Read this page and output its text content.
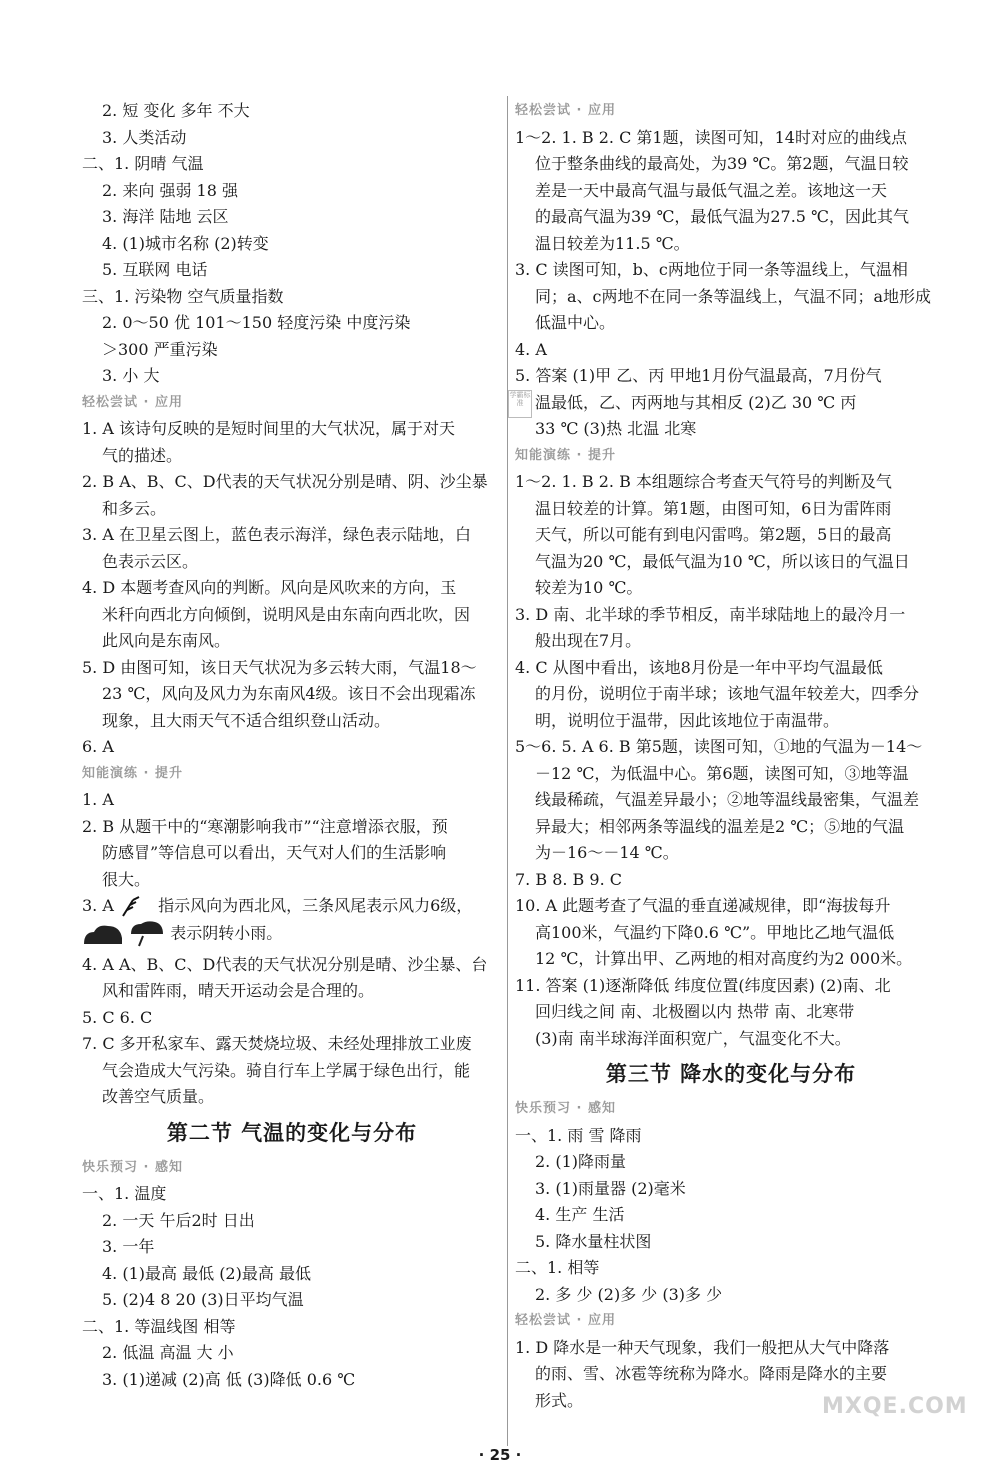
2. 短 变化 多年 不大
3. 人类活动
二、1. 阴晴 气温
2. 来向 强弱 18 强
3. 海洋 陆地 云区
4. (1)城市名称 (2)转变
5. 互联网 电话
三、1. 污染物 空气质量指数
2. 0～50 优 101～150 轻度污染 中度污染
＞300 严重污染
3. 小 大
轻松尝试 · 应用
1. A 该诗句反映的是短时间里的大气状况，属于对天
气的描述。
2. B A、B、C、D代表的天气状况分别是晴、阴、沙尘暴
和多云。
3. A 在卫星云图上，蓝色表示海洋，绿色表示陆地，白
色表示云区。
4. D 本题考查风向的判断。风向是风吹来的方向，玉
米秆向西北方向倾倒，说明风是由东南向西北吹，因
此风向是东南风。
5. D 由图可知，该日天气状况为多云转大雨，气温18～
23 ℃，风向及风力为东南风4级。该日不会出现霜冻
现象，且大雨天气不适合组织登山活动。
6. A
知能演练 · 提升
1. A
2. B 从题干中的“寒潮影响我市”“注意增添衣服，预
防感冒”等信息可以看出，天气对人们的生活影响
很大。
3. A	指示风向为西北风，三条风尾表示风力6级，
表示阴转小雨。
4. A A、B、C、D代表的天气状况分别是晴、沙尘暴、台
风和雷阵雨，晴天开运动会是合理的。
5. C 6. C
7. C 多开私家车、露天焚烧垃圾、未经处理排放工业废
气会造成大气污染。骑自行车上学属于绿色出行，能
改善空气质量。
第二节 气温的变化与分布
快乐预习 · 感知
一、1. 温度
2. 一天 午后2时 日出
3. 一年
4. (1)最高 最低 (2)最高 最低
5. (2)4 8 20 (3)日平均气温
二、1. 等温线图 相等
2. 低温 高温 大 小
3. (1)递减 (2)高 低 (3)降低 0.6 ℃
轻松尝试 · 应用
1～2. 1. B 2. C 第1题，读图可知，14时对应的曲线点
位于整条曲线的最高处，为39 ℃。第2题，气温日较
差是一天中最高气温与最低气温之差。该地这一天
的最高气温为39 ℃，最低气温为27.5 ℃，因此其气
温日较差为11.5 ℃。
3. C 读图可知，b、c两地位于同一条等温线上，气温相
同；a、c两地不在同一条等温线上，气温不同；a地形成
低温中心。
4. A
5. 答案 (1)甲 乙、丙 甲地1月份气温最高，7月份气
温最低，乙、丙两地与其相反 (2)乙 30 ℃ 丙
33 ℃ (3)热 北温 北寒
知能演练 · 提升
1～2. 1. B 2. B 本组题综合考查天气符号的判断及气
温日较差的计算。第1题，由图可知，6日为雷阵雨
天气，所以可能有到电闪雷鸣。第2题，5日的最高
气温为20 ℃，最低气温为10 ℃，所以该日的气温日
较差为10 ℃。
3. D 南、北半球的季节相反，南半球陆地上的最冷月一
般出现在7月。
4. C 从图中看出，该地8月份是一年中平均气温最低
的月份，说明位于南半球；该地气温年较差大，四季分
明，说明位于温带，因此该地位于南温带。
5～6. 5. A 6. B 第5题，读图可知，①地的气温为－14～
－12 ℃，为低温中心。第6题，读图可知，③地等温
线最稀疏，气温差异最小；②地等温线最密集，气温差
异最大；相邻两条等温线的温差是2 ℃；⑤地的气温
为－16～－14 ℃。
7. B 8. B 9. C
10. A 此题考查了气温的垂直递减规律，即“海拔每升
高100米，气温约下降0.6 ℃”。甲地比乙地气温低
12 ℃，计算出甲、乙两地的相对高度约为2 000米。
11. 答案 (1)逐渐降低 纬度位置(纬度因素) (2)南、北
回归线之间 南、北极圈以内 热带 南、北寒带
(3)南 南半球海洋面积宽广，气温变化不大。
第三节 降水的变化与分布
快乐预习 · 感知
一、1. 雨 雪 降雨
2. (1)降雨量
3. (1)雨量器 (2)毫米
4. 生产 生活
5. 降水量柱状图
二、1. 相等
2. 多 少 (2)多 少 (3)多 少
轻松尝试 · 应用
1. D 降水是一种天气现象，我们一般把从大气中降落
的雨、雪、冰雹等统称为降水。降雨是降水的主要
形式。
学霸标准
MXQE.COM
· 25 ·
